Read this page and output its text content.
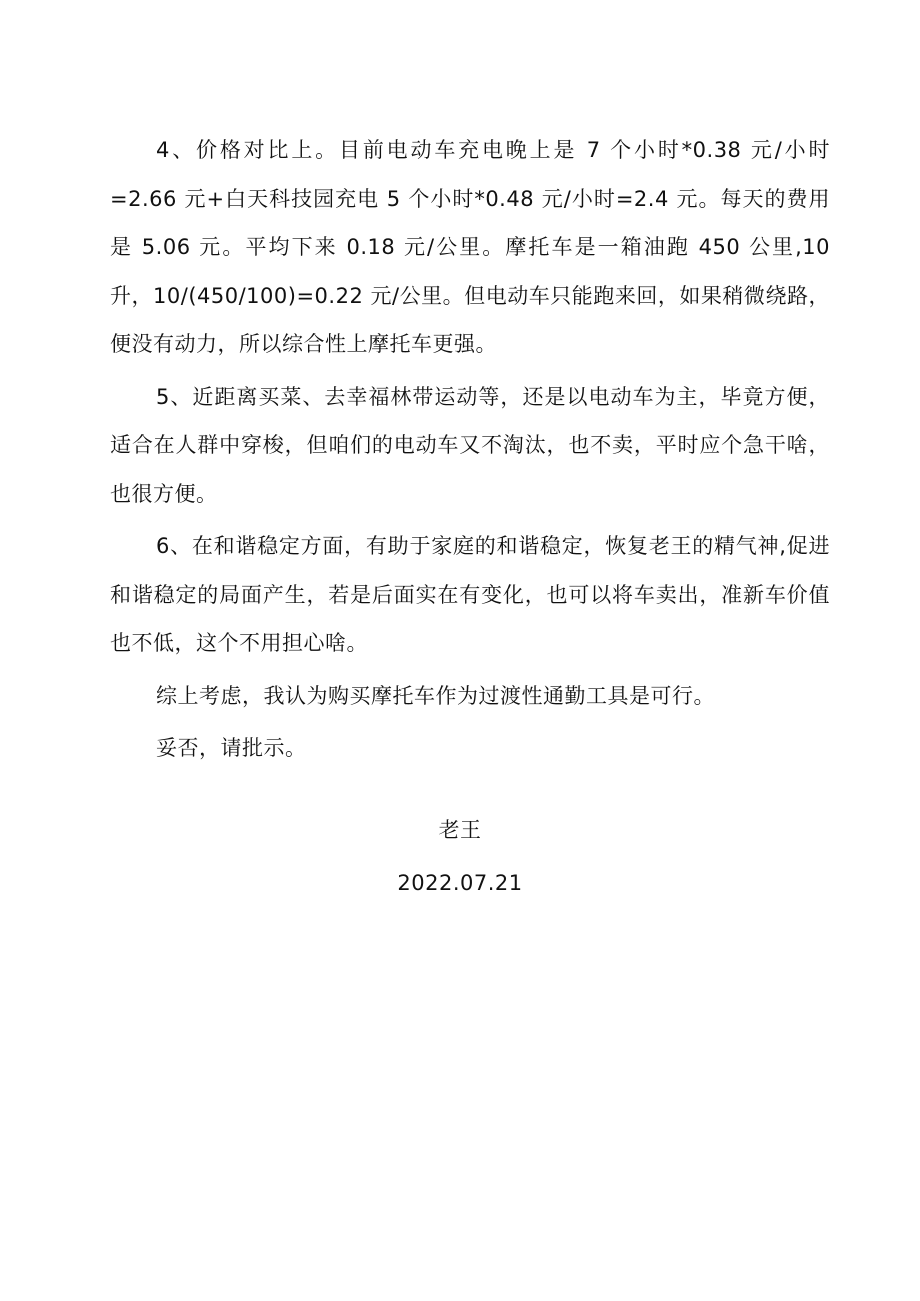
4、价格对比上。目前电动车充电晚上是 7 个小时*0.38 元/小时=2.66 元+白天科技园充电 5 个小时*0.48 元/小时=2.4 元。每天的费用是 5.06 元。平均下来 0.18 元/公里。摩托车是一箱油跑 450 公里,10 升，10/(450/100)=0.22 元/公里。但电动车只能跑来回，如果稍微绕路，便没有动力，所以综合性上摩托车更强。

5、近距离买菜、去幸福林带运动等，还是以电动车为主，毕竟方便，适合在人群中穿梭，但咱们的电动车又不淘汰，也不卖，平时应个急干啥，也很方便。

6、在和谐稳定方面，有助于家庭的和谐稳定，恢复老王的精气神,促进和谐稳定的局面产生，若是后面实在有变化，也可以将车卖出，准新车价值也不低，这个不用担心啥。

综上考虑，我认为购买摩托车作为过渡性通勤工具是可行。

妥否，请批示。

老王
2022.07.21
